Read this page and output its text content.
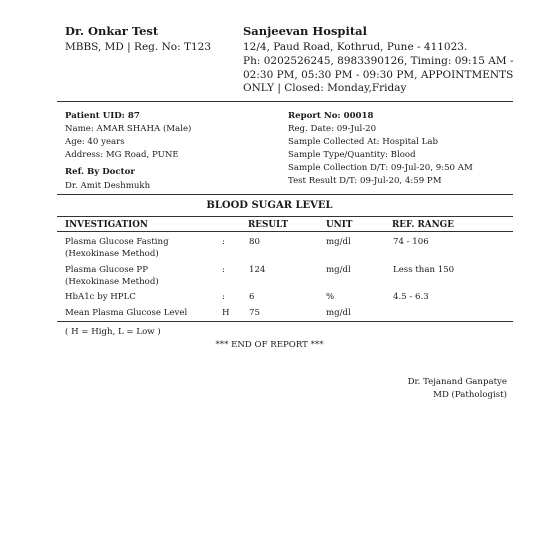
Dr. Onkar Test
MBBS, MD | Reg. No: T123
Sanjeevan Hospital
12/4, Paud Road, Kothrud, Pune - 411023.
Ph: 0202526245, 8983390126, Timing: 09:15 AM -
02:30 PM, 05:30 PM - 09:30 PM, APPOINTMENTS
ONLY | Closed: Monday,Friday
Patient UID: 87
Name: AMAR SHAHA (Male)
Age: 40 years
Address: MG Road, PUNE
Ref. By Doctor
Dr. Amit Deshmukh
Report No: 00018
Reg. Date: 09-Jul-20
Sample Collected At: Hospital Lab
Sample Type/Quantity: Blood
Sample Collection D/T: 09-Jul-20, 9:50 AM
Test Result D/T: 09-Jul-20, 4:59 PM
BLOOD SUGAR LEVEL
INVESTIGATION	RESULT	UNIT	REF. RANGE
Plasma Glucose Fasting
(Hexokinase Method)
:	80	mg/dl	74 - 106
Plasma Glucose PP
(Hexokinase Method)
:	124	mg/dl	Less than 150
HbA1c by HPLC	:	6	%	4.5 - 6.3
Mean Plasma Glucose Level	H 75	mg/dl
( H = High, L = Low )
*** END OF REPORT ***
Dr. Tejanand Ganpatye
MD (Pathologist)
